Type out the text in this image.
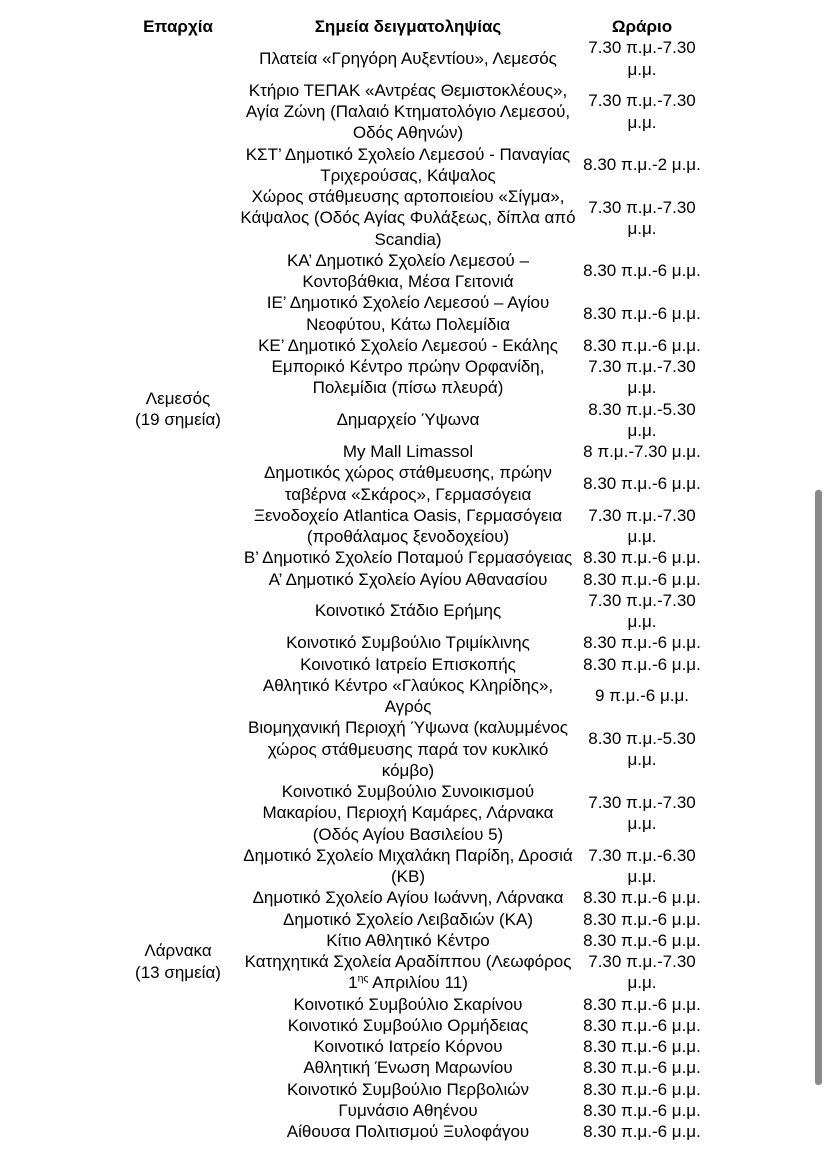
Επαρχία	Σημεία δειγματοληψίας	Ωράριο

Λεμεσός
(19 σημεία)	Πλατεία «Γρηγόρη Αυξεντίου», Λεμεσός	7.30 π.μ.-7.30 μ.μ.
	Κτήριο ΤΕΠΑΚ «Αντρέας Θεμιστοκλέους», Αγία Ζώνη (Παλαιό Κτηματολόγιο Λεμεσού, Οδός Αθηνών)	7.30 π.μ.-7.30 μ.μ.
	ΚΣΤ’ Δημοτικό Σχολείο Λεμεσού - Παναγίας Τριχερούσας, Κάψαλος	8.30 π.μ.-2 μ.μ.
	Χώρος στάθμευσης αρτοποιείου «Σίγμα», Κάψαλος (Οδός Αγίας Φυλάξεως, δίπλα από Scandia)	7.30 π.μ.-7.30 μ.μ.
	ΚΑ’ Δημοτικό Σχολείο Λεμεσού – Κοντοβάθκια, Μέσα Γειτονιά	8.30 π.μ.-6 μ.μ.
	ΙΕ’ Δημοτικό Σχολείο Λεμεσού – Αγίου Νεοφύτου, Κάτω Πολεμίδια	8.30 π.μ.-6 μ.μ.
	ΚΕ’ Δημοτικό Σχολείο Λεμεσού - Εκάλης	8.30 π.μ.-6 μ.μ.
	Εμπορικό Κέντρο πρώην Ορφανίδη, Πολεμίδια (πίσω πλευρά)	7.30 π.μ.-7.30 μ.μ.
	Δημαρχείο Ύψωνα	8.30 π.μ.-5.30 μ.μ.
	My Mall Limassol	8 π.μ.-7.30 μ.μ.
	Δημοτικός χώρος στάθμευσης, πρώην ταβέρνα «Σκάρος», Γερμασόγεια	8.30 π.μ.-6 μ.μ.
	Ξενοδοχείο Atlantica Oasis, Γερμασόγεια (προθάλαμος ξενοδοχείου)	7.30 π.μ.-7.30 μ.μ.
	Β’ Δημοτικό Σχολείο Ποταμού Γερμασόγειας	8.30 π.μ.-6 μ.μ.
	Α’ Δημοτικό Σχολείο Αγίου Αθανασίου	8.30 π.μ.-6 μ.μ.
	Κοινοτικό Στάδιο Ερήμης	7.30 π.μ.-7.30 μ.μ.
	Κοινοτικό Συμβούλιο Τριμίκλινης	8.30 π.μ.-6 μ.μ.
	Κοινοτικό Ιατρείο Επισκοπής	8.30 π.μ.-6 μ.μ.
	Αθλητικό Κέντρο «Γλαύκος Κληρίδης», Αγρός	9 π.μ.-6 μ.μ.
	Βιομηχανική Περιοχή Ύψωνα (καλυμμένος χώρος στάθμευσης παρά τον κυκλικό κόμβο)	8.30 π.μ.-5.30 μ.μ.

Λάρνακα
(13 σημεία)	Κοινοτικό Συμβούλιο Συνοικισμού Μακαρίου, Περιοχή Καμάρες, Λάρνακα (Οδός Αγίου Βασιλείου 5)	7.30 π.μ.-7.30 μ.μ.
	Δημοτικό Σχολείο Μιχαλάκη Παρίδη, Δροσιά (ΚΒ)	7.30 π.μ.-6.30 μ.μ.
	Δημοτικό Σχολείο Αγίου Ιωάννη, Λάρνακα	8.30 π.μ.-6 μ.μ.
	Δημοτικό Σχολείο Λειβαδιών (ΚΑ)	8.30 π.μ.-6 μ.μ.
	Κίτιο Αθλητικό Κέντρο	8.30 π.μ.-6 μ.μ.
	Κατηχητικά Σχολεία Αραδίππου (Λεωφόρος $1^{\eta\varsigma}$ Απριλίου 11)	7.30 π.μ.-7.30 μ.μ.
	Κοινοτικό Συμβούλιο Σκαρίνου	8.30 π.μ.-6 μ.μ.
	Κοινοτικό Συμβούλιο Ορμήδειας	8.30 π.μ.-6 μ.μ.
	Κοινοτικό Ιατρείο Κόρνου	8.30 π.μ.-6 μ.μ.
	Αθλητική Ένωση Μαρωνίου	8.30 π.μ.-6 μ.μ.
	Κοινοτικό Συμβούλιο Περβολιών	8.30 π.μ.-6 μ.μ.
	Γυμνάσιο Αθηένου	8.30 π.μ.-6 μ.μ.
	Αίθουσα Πολιτισμού Ξυλοφάγου	8.30 π.μ.-6 μ.μ.
